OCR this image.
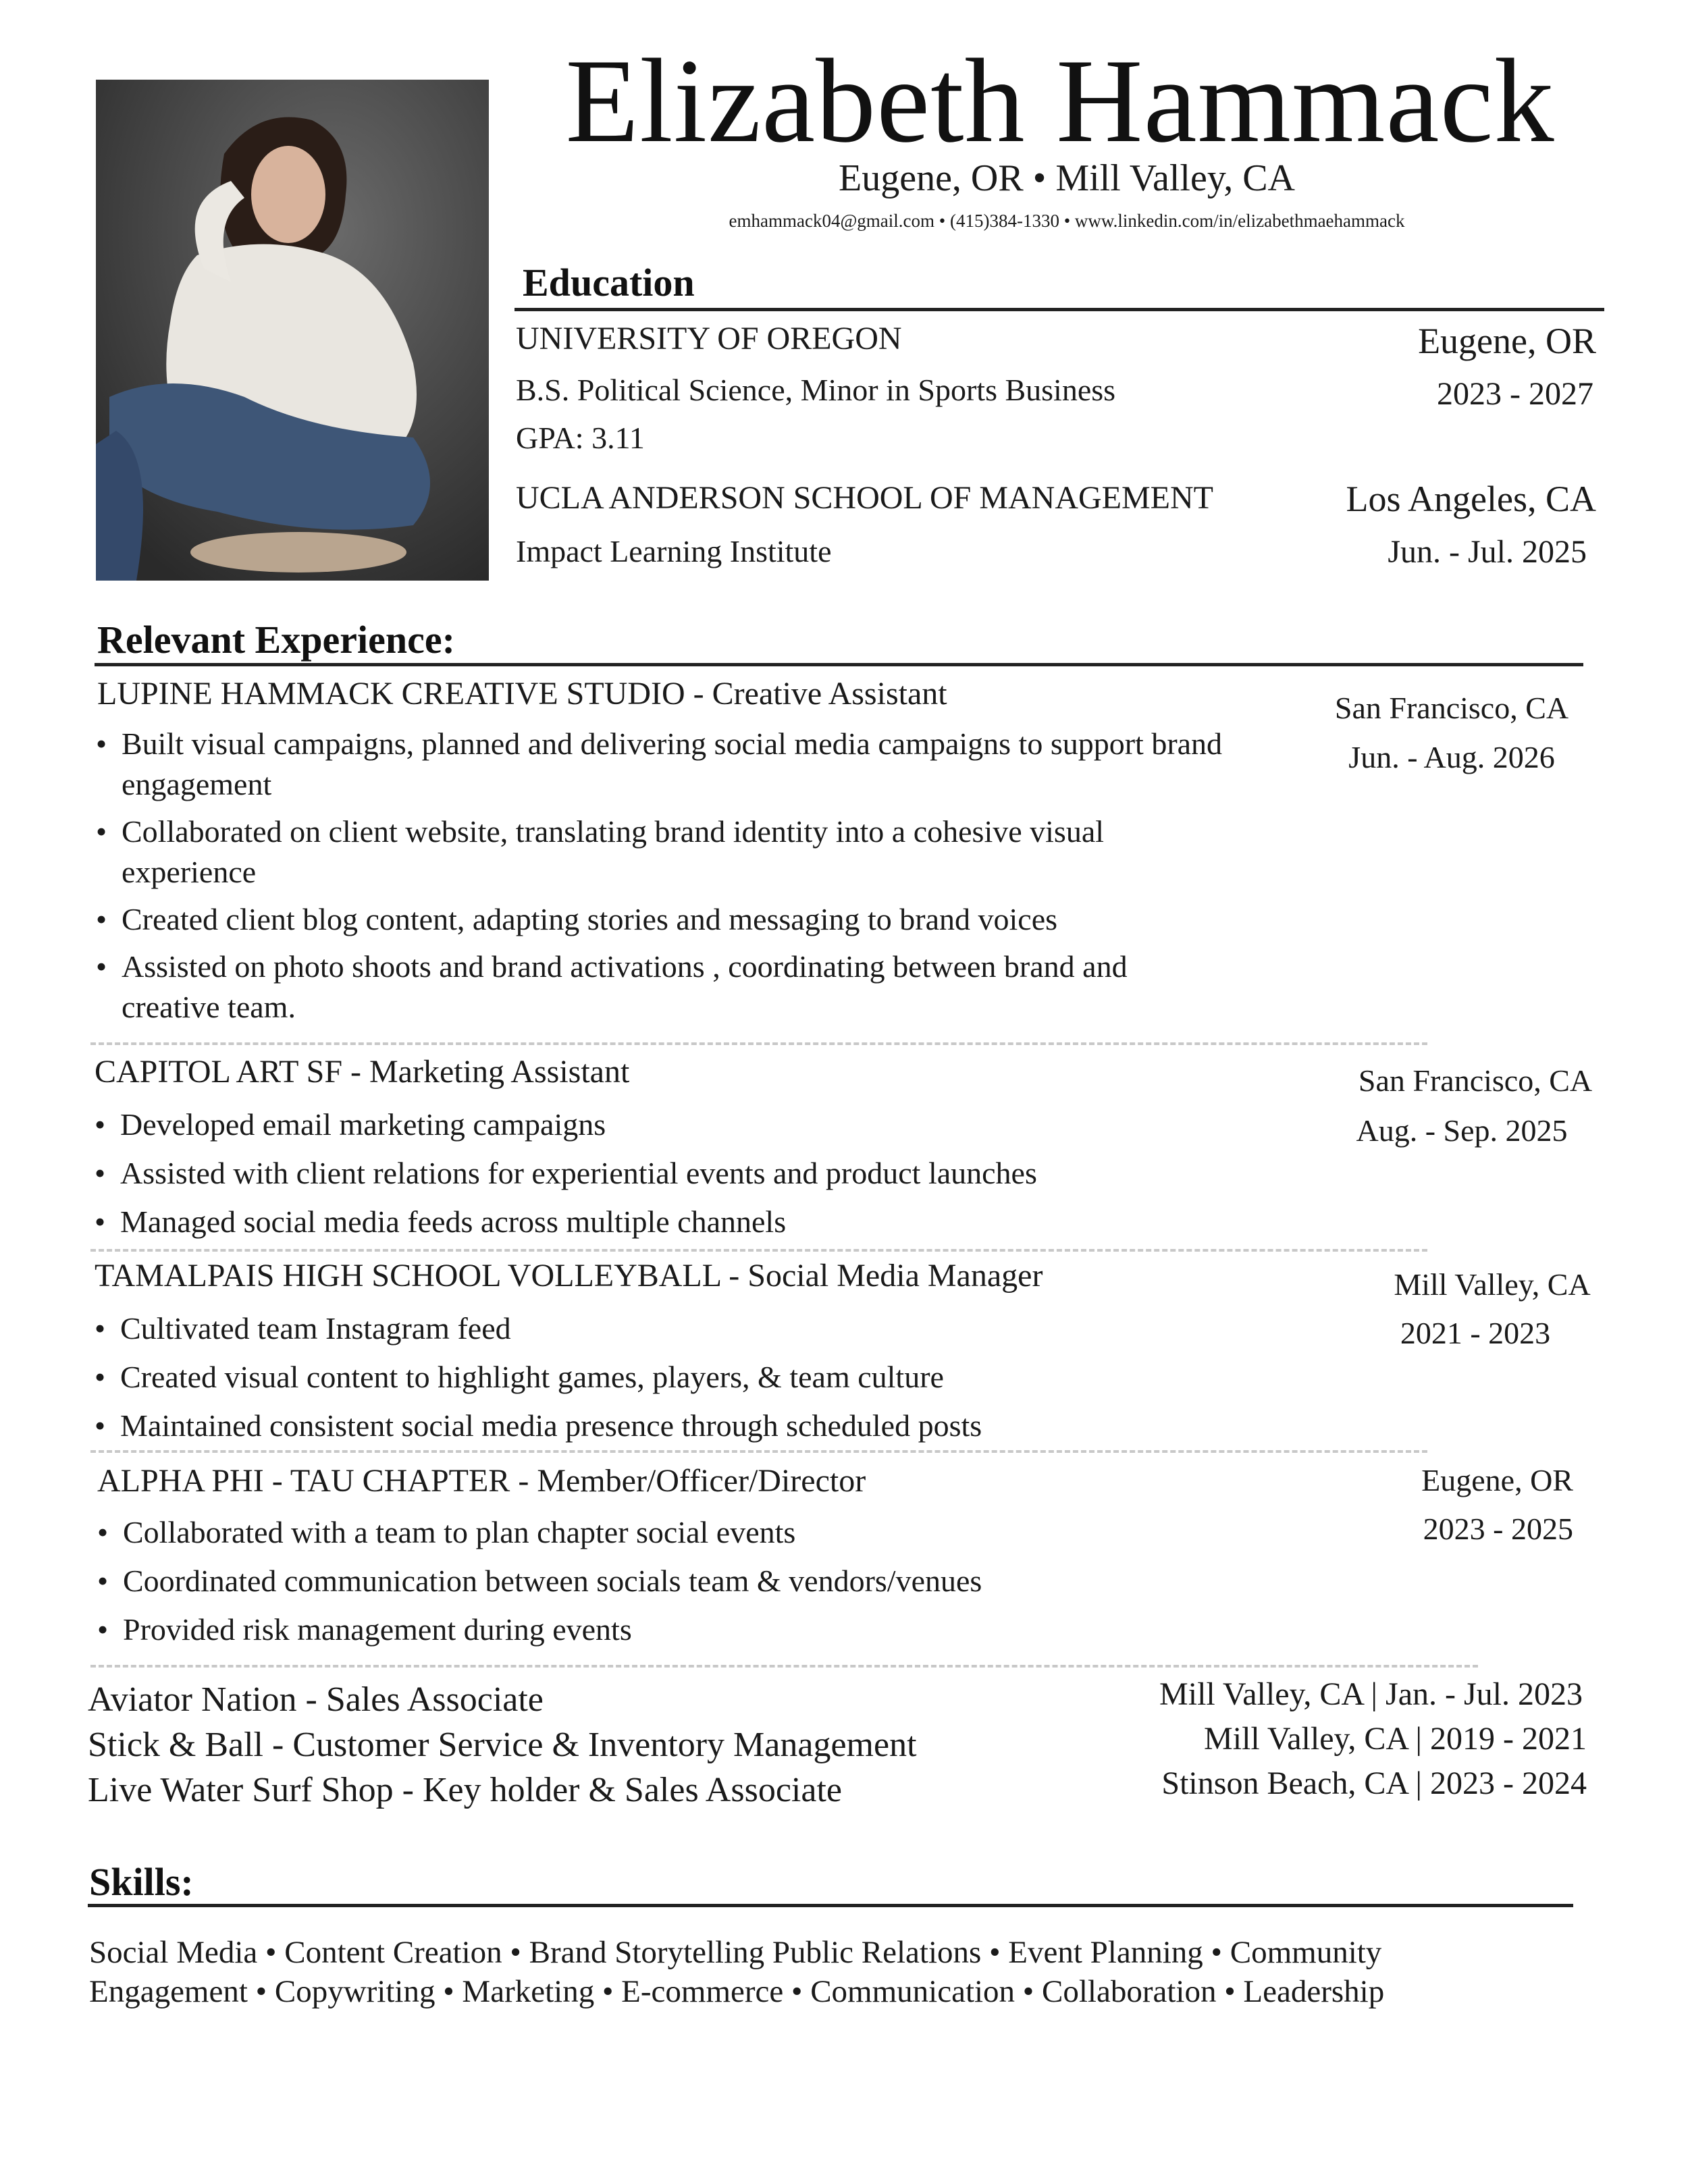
Elizabeth Hammack
Eugene, OR • Mill Valley, CA
emhammack04@gmail.com • (415)384-1330 • www.linkedin.com/in/elizabethmaehammack
Education
UNIVERSITY OF OREGON	Eugene, OR
B.S. Political Science, Minor in Sports Business	2023 - 2027
GPA: 3.11
UCLA ANDERSON SCHOOL OF MANAGEMENT	Los Angeles, CA
Impact Learning Institute	Jun. - Jul. 2025
Relevant Experience:
LUPINE HAMMACK CREATIVE STUDIO - Creative Assistant	San Francisco, CA
Jun. - Aug. 2026
• Built visual campaigns, planned and delivering social media campaigns to support brand engagement
• Collaborated on client website, translating brand identity into a cohesive visual experience
• Created client blog content, adapting stories and messaging to brand voices
• Assisted on photo shoots and brand activations , coordinating between brand and creative team.
CAPITOL ART SF - Marketing Assistant	San Francisco, CA
Aug. - Sep. 2025
• Developed email marketing campaigns
• Assisted with client relations for experiential events and product launches
• Managed social media feeds across multiple channels
TAMALPAIS HIGH SCHOOL VOLLEYBALL - Social Media Manager	Mill Valley, CA
2021 - 2023
• Cultivated team Instagram feed
• Created visual content to highlight games, players, & team culture
• Maintained consistent social media presence through scheduled posts
ALPHA PHI - TAU CHAPTER - Member/Officer/Director	Eugene, OR
2023 - 2025
• Collaborated with a team to plan chapter social events
• Coordinated communication between socials team & vendors/venues
• Provided risk management during events
Aviator Nation - Sales Associate	Mill Valley, CA | Jan. - Jul. 2023
Stick & Ball - Customer Service & Inventory Management	Mill Valley, CA | 2019 - 2021
Live Water Surf Shop - Key holder & Sales Associate	Stinson Beach, CA | 2023 - 2024
Skills:
Social Media • Content Creation • Brand Storytelling Public Relations • Event Planning • Community
Engagement • Copywriting • Marketing • E-commerce • Communication • Collaboration • Leadership
